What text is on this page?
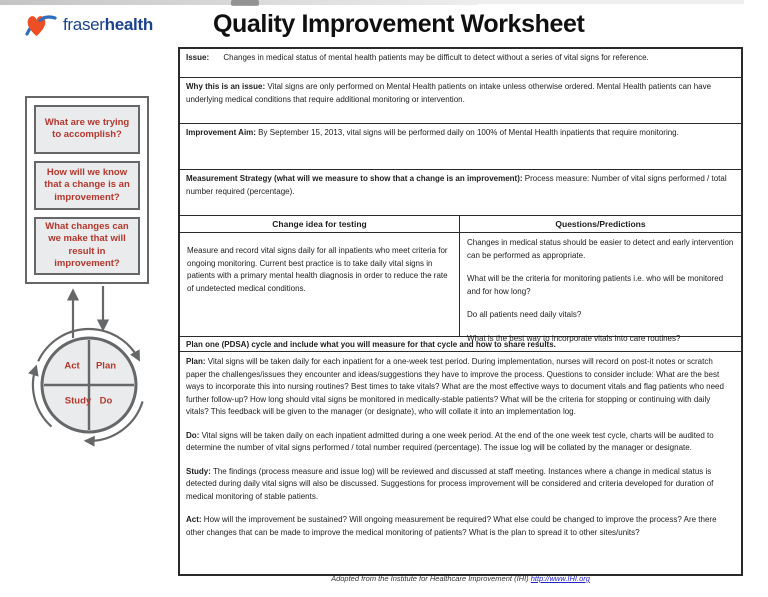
fraserhealth Quality Improvement Worksheet
What are we trying to accomplish?
How will we know that a change is an improvement?
What changes can we make that will result in improvement?
Act Plan
Study Do
Issue: Changes in medical status of mental health patients may be difficult to detect without a series of vital signs for reference.
Why this is an issue: Vital signs are only performed on Mental Health patients on intake unless otherwise ordered. Mental Health patients can have underlying medical conditions that require additional monitoring or intervention.
Improvement Aim: By September 15, 2013, vital signs will be performed daily on 100% of Mental Health inpatients that require monitoring.
Measurement Strategy (what will we measure to show that a change is an improvement): Process measure: Number of vital signs performed / total number required (percentage).
Change idea for testing	Questions/Predictions

Measure and record vital signs daily for all inpatients who meet criteria for ongoing monitoring. Current best practice is to take daily vital signs in patients with a primary mental health diagnosis in order to reduce the rate of undetected medical conditions.

Changes in medical status should be easier to detect and early intervention can be performed as appropriate.

What will be the criteria for monitoring patients i.e. who will be monitored and for how long?

Do all patients need daily vitals?

What is the best way to incorporate vitals into care routines?

Plan one (PDSA) cycle and include what you will measure for that cycle and how to share results.

Plan: Vital signs will be taken daily for each inpatient for a one-week test period. During implementation, nurses will record on post-it notes or scratch paper the challenges/issues they encounter and ideas/suggestions they have to improve the process. Questions to consider include: What are the best ways to incorporate this into nursing routines? Best times to take vitals? What are the most effective ways to document vitals and flag patients who need further follow-up? How long should vital signs be monitored in medically-stable patients? What will be the criteria for stopping or continuing with daily vitals? This feedback will be given to the manager (or designate), who will collate it into an implementation log.

Do: Vital signs will be taken daily on each inpatient admitted during a one week period. At the end of the one week test cycle, charts will be audited to determine the number of vital signs performed / total number required (percentage). The issue log will be collated by the manager or designate.

Study: The findings (process measure and issue log) will be reviewed and discussed at staff meeting. Instances where a change in medical status is detected during daily vital signs will also be discussed. Suggestions for process improvement will be considered and criteria developed for duration of medical monitoring of stable patients.

Act: How will the improvement be sustained? Will ongoing measurement be required? What else could be changed to improve the process? Are there other changes that can be made to improve the medical monitoring of patients? What is the plan to spread it to other sites/units?

Adopted from the Institute for Healthcare Improvement (IHI) http://www.IHI.org
